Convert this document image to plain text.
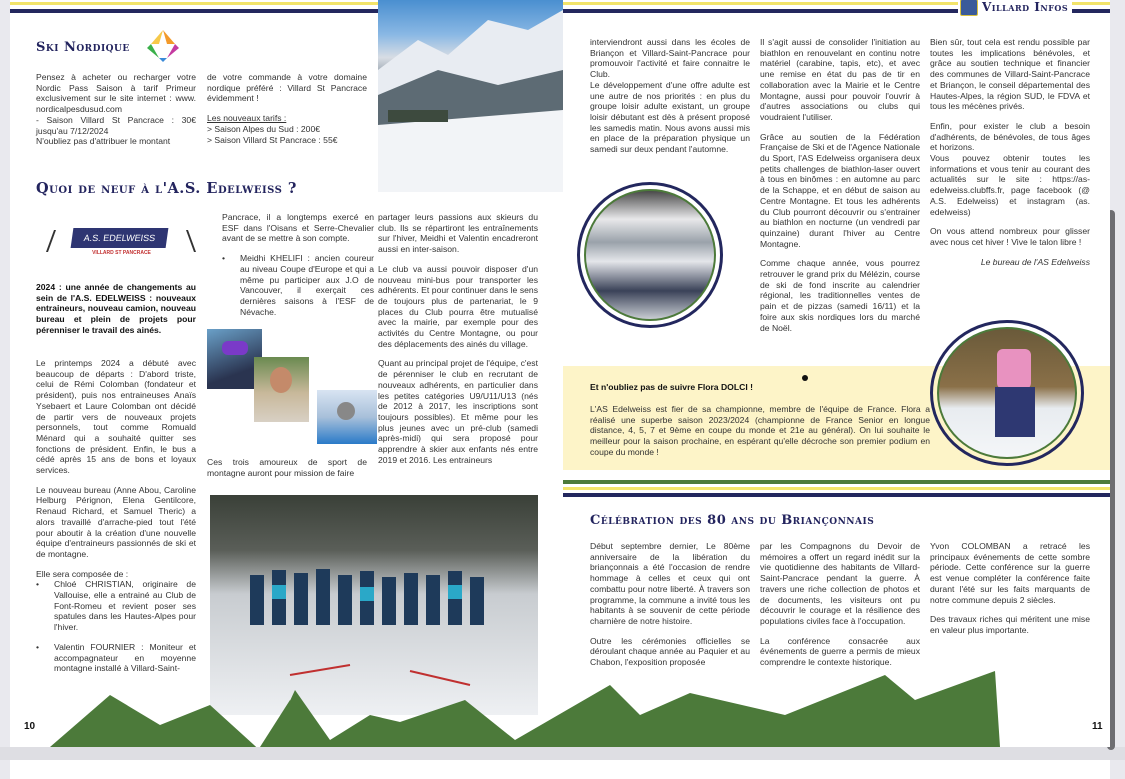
Villard Infos
Ski Nordique

Pensez à acheter ou recharger votre Nordic Pass Saison à tarif Primeur exclusivement sur le site internet : www. nordicalpesdusud.com

- Saison Villard St Pancrace : 30€ jusqu'au 7/12/2024

N'oubliez pas d'attribuer le montant

de votre commande à votre domaine nordique préféré : Villard St Pancrace évidemment !

Les nouveaux tarifs :

> Saison Alpes du Sud : 200€

> Saison Villard St Pancrace : 55€

Quoi de neuf à l'A.S. Edelweiss ?
A.S. EDELWEISS
VILLARD ST PANCRACE
2024 : une année de changements au sein de l'A.S. EDELWEISS : nouveaux entraineurs, nouveau camion, nouveau bureau et plein de projets pour pérenniser le travail des ainés.

Le printemps 2024 a débuté avec beaucoup de départs : D'abord triste, celui de Rémi Colomban (fondateur et président), puis nos entraineuses Anaïs Ysebaert et Laure Colomban ont décidé de partir vers de nouveaux projets personnels, tout comme Romuald Ménard qui a souhaité quitter ses fonctions de président. Enfin, le bus a cédé après 15 ans de bons et loyaux services.

Le nouveau bureau (Anne Abou, Caroline Helburg Pérignon, Elena Gentilcore, Renaud Richard, et Samuel Theric) a alors travaillé d'arrache-pied tout l'été pour aboutir à la création d'une nouvelle équipe d'entraineurs passionnés de ski et de montagne.

Elle sera composée de :

•	Chloé CHRISTIAN, originaire de Vallouise, elle a entrainé au Club de Font-Romeu et revient poser ses spatules dans les Hautes-Alpes pour l'hiver.

•	Valentin FOURNIER : Moniteur et accompagnateur en moyenne montagne installé à Villard-Saint-

Pancrace, il a longtemps exercé en ESF dans l'Oisans et Serre-Chevalier avant de se mettre à son compte.

•	Meidhi KHELIFI : ancien coureur au niveau Coupe d'Europe et qui a même pu participer aux J.O de Vancouver, il exerçait ces dernières saisons à l'ESF de Névache.

Ces trois amoureux de sport de montagne auront pour mission de faire

partager leurs passions aux skieurs du club. Ils se répartiront les entraînements sur l'hiver, Meidhi et Valentin encadreront aussi en inter-saison.

Le club va aussi pouvoir disposer d'un nouveau mini-bus pour transporter les adhérents. Et pour continuer dans le sens de toujours plus de partenariat, le 9 places du Club pourra être mutualisé avec la mairie, par exemple pour des activités du Centre Montagne, ou pour des déplacements des ainés du village.

Quant au principal projet de l'équipe, c'est de pérenniser le club en recrutant de nouveaux adhérents, en particulier dans les petites catégories U9/U11/U13 (nés de 2012 à 2017, les inscriptions sont toujours possibles). Et même pour les plus jeunes avec un pré-club (samedi après-midi) qui sera proposé pour apprendre à skier aux enfants nés entre 2019 et 2016. Les entraineurs

interviendront aussi dans les écoles de Briançon et Villard-Saint-Pancrace pour promouvoir l'activité et faire connaitre le Club.

Le développement d'une offre adulte est une autre de nos priorités : en plus du groupe loisir adulte existant, un groupe loisir débutant est dès à présent proposé les samedis matin. Nous avons aussi mis en place de la préparation physique un samedi sur deux pendant l'automne.

Il s'agit aussi de consolider l'initiation au biathlon en renouvelant en continu notre matériel (carabine, tapis, etc), et avec une remise en état du pas de tir en collaboration avec la Mairie et le Centre Montagne, aussi pour pouvoir l'ouvrir à d'autres associations ou clubs qui voudraient l'utiliser.

Grâce au soutien de la Fédération Française de Ski et de l'Agence Nationale du Sport, l'AS Edelweiss organisera deux petits challenges de biathlon-laser ouvert à tous en binômes : en automne au parc de la Schappe, et en début de saison au Centre Montagne. Et tous les adhérents du Club pourront découvrir ou s'entrainer au biathlon en nocturne (un vendredi par quinzaine) durant l'hiver au Centre Montagne.

Comme chaque année, vous pourrez retrouver le grand prix du Mélézin, course de ski de fond inscrite au calendrier régional, les traditionnelles ventes de pain et de pizzas (samedi 16/11) et la foire aux skis nordiques lors du marché de Noël.

Bien sûr, tout cela est rendu possible par toutes les implications bénévoles, et grâce au soutien technique et financier des communes de Villard-Saint-Pancrace et Briançon, le conseil départemental des Hautes-Alpes, la région SUD, le FDVA et tous les mécènes privés.

Enfin, pour exister le club a besoin d'adhérents, de bénévoles, de tous âges et horizons.

Vous pouvez obtenir toutes les informations et vous tenir au courant des actualités sur le site : https://as-edelweiss.clubffs.fr, page facebook (@ A.S. Edelweiss) et instagram (as. edelweiss)

On vous attend nombreux pour glisser avec nous cet hiver ! Vive le talon libre !

Le bureau de l'AS Edelweiss

Et n'oubliez pas de suivre Flora DOLCI !
L'AS Edelweiss est fier de sa championne, membre de l'équipe de France. Flora a réalisé une superbe saison 2023/2024 (championne de France Senior en longue distance, 4, 5, 7 et 9ème en coupe du monde et 21e au général). On lui souhaite le meilleur pour la saison prochaine, en espérant qu'elle décroche son premier podium en coupe du monde !
Célébration des 80 ans du Briançonnais

Début septembre dernier, Le 80ème anniversaire de la libération du briançonnais a été l'occasion de rendre hommage à celles et ceux qui ont combattu pour notre liberté. À travers son programme, la commune a invité tous les habitants à se souvenir de cette période charnière de notre histoire.

Outre les cérémonies officielles se déroulant chaque année au Paquier et au Chabon, l'exposition proposée

par les Compagnons du Devoir de mémoires a offert un regard inédit sur la vie quotidienne des habitants de Villard-Saint-Pancrace pendant la guerre. À travers une riche collection de photos et de documents, les visiteurs ont pu découvrir le courage et la résilience des populations civiles face à l'occupation.

La conférence consacrée aux événements de guerre a permis de mieux comprendre le contexte historique.

Yvon COLOMBAN a retracé les principaux événements de cette sombre période. Cette conférence sur la guerre est venue compléter la conférence faite durant l'été sur les faits marquants de notre commune depuis 2 siècles.

Des travaux riches qui méritent une mise en valeur plus importante.

10	11
